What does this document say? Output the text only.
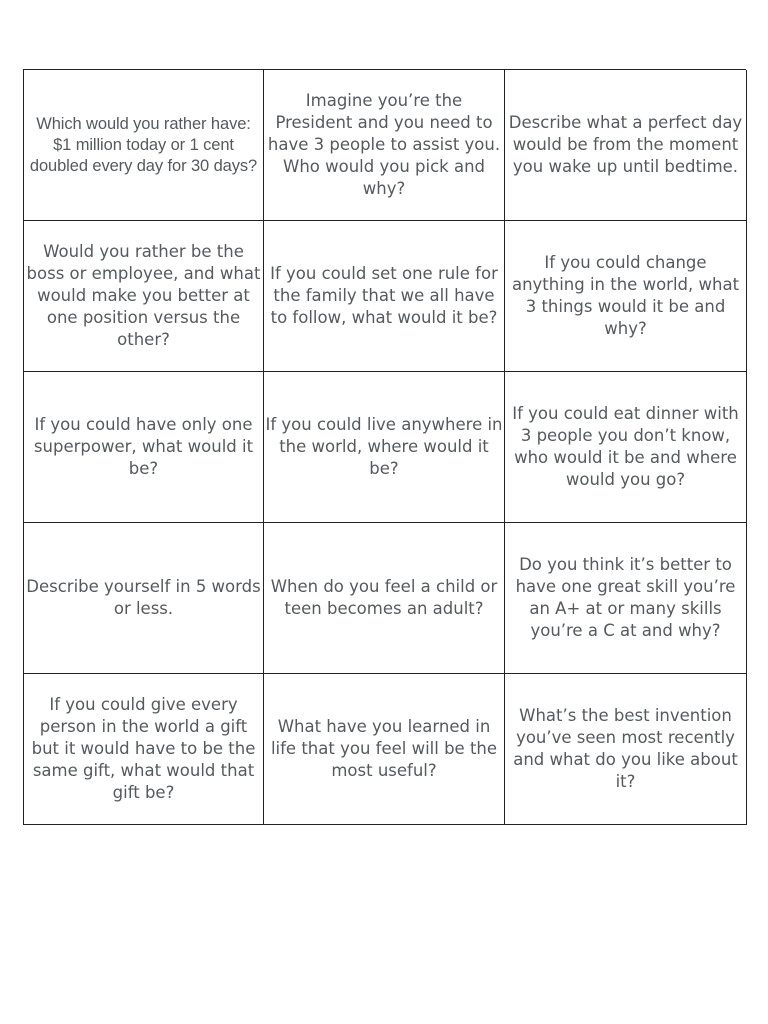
Which would you rather have: $1 million today or 1 cent doubled every day for 30 days?
Imagine you’re the President and you need to have 3 people to assist you. Who would you pick and why?
Describe what a perfect day would be from the moment you wake up until bedtime.
Would you rather be the boss or employee, and what would make you better at one position versus the other?
If you could set one rule for the family that we all have to follow, what would it be?
If you could change anything in the world, what 3 things would it be and why?
If you could have only one superpower, what would it be?
If you could live anywhere in the world, where would it be?
If you could eat dinner with 3 people you don’t know, who would it be and where would you go?
Describe yourself in 5 words or less.
When do you feel a child or teen becomes an adult?
Do you think it’s better to have one great skill you’re an A+ at or many skills you’re a C at and why?
If you could give every person in the world a gift but it would have to be the same gift, what would that gift be?
What have you learned in life that you feel will be the most useful?
What’s the best invention you’ve seen most recently and what do you like about it?
